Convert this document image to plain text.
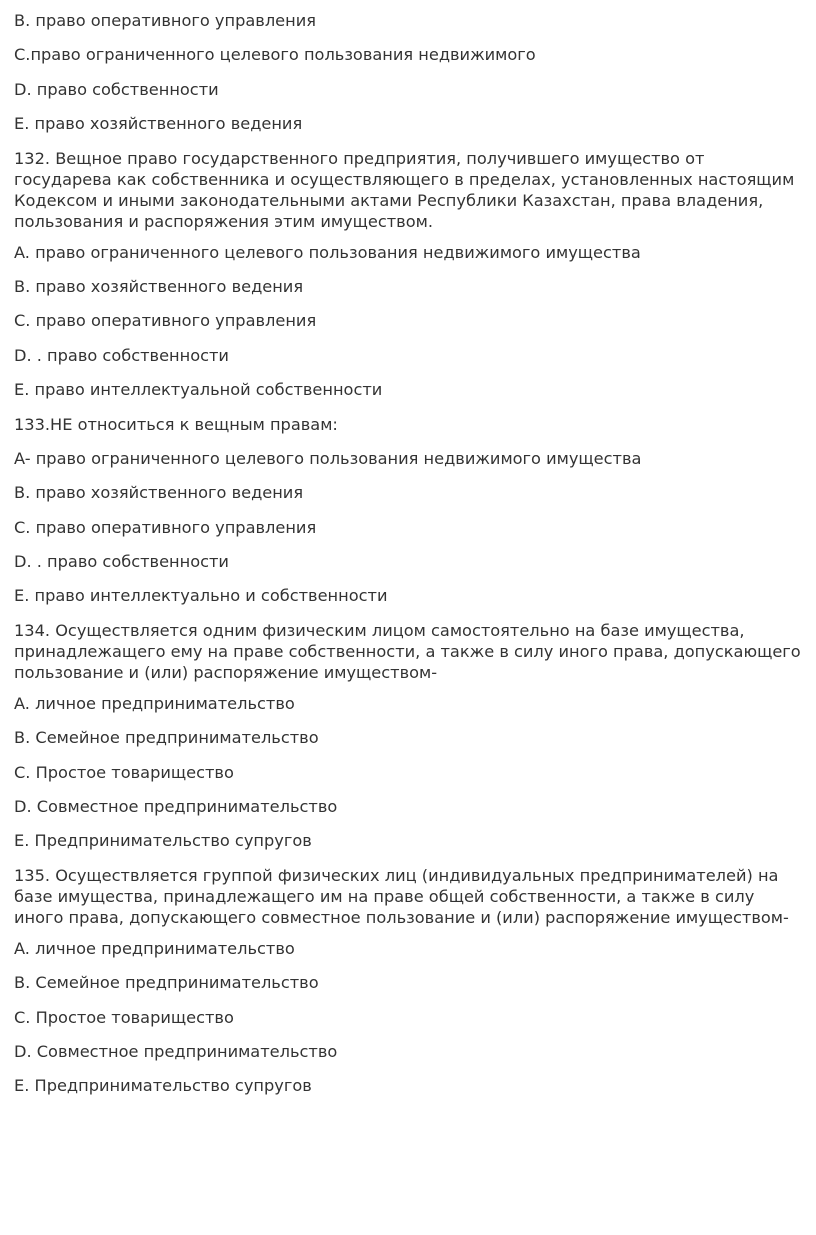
B. право оперативного управления

C.право ограниченного целевого пользования недвижимого

D. право собственности

E. право хозяйственного ведения

132. Вещное право государственного предприятия, получившего имущество от государева как собственника и осуществляющего в пределах, установленных настоящим Кодексом и иными законодательными актами Республики Казахстан, права владения, пользования и распоряжения этим имуществом.

A. право ограниченного целевого пользования недвижимого имущества

B. право хозяйственного ведения

C. право оперативного управления

D. . право собственности

E. право интеллектуальной собственности

133.НЕ относиться к вещным правам:

A- право ограниченного целевого пользования недвижимого имущества

B. право хозяйственного ведения

C. право оперативного управления

D. . право собственности

E. право интеллектуально и собственности

134. Осуществляется одним физическим лицом самостоятельно на базе имущества, принадлежащего ему на праве собственности, а также в силу иного права, допускающего пользование и (или) распоряжение имуществом-

A. личное предпринимательство

B. Семейное предпринимательство

C. Простое товарищество

D. Совместное предпринимательство

E. Предпринимательство супругов

135. Осуществляется группой физических лиц (индивидуальных предпринимателей) на базе имущества, принадлежащего им на праве общей собственности, а также в силу иного права, допускающего совместное пользование и (или) распоряжение имуществом-

A. личное предпринимательство

B. Семейное предпринимательство

C. Простое товарищество

D. Совместное предпринимательство

E. Предпринимательство супругов
